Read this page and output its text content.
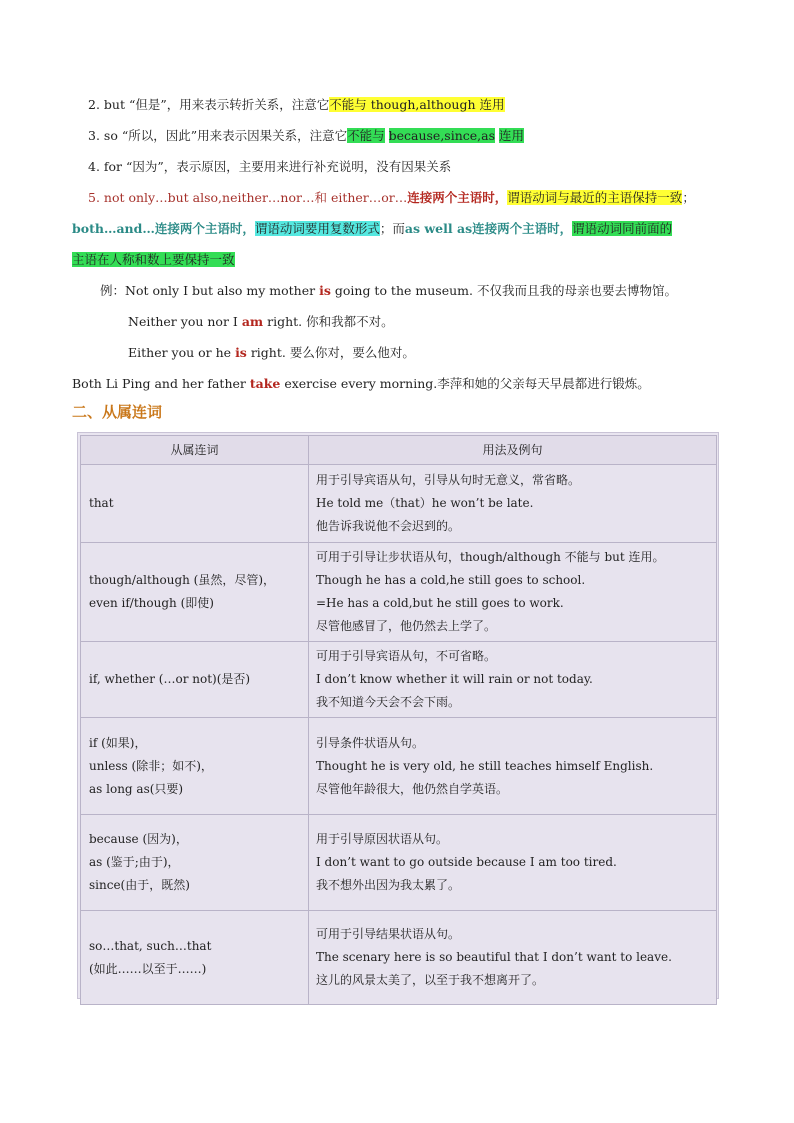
2. but “但是”，用来表示转折关系，注意它不能与 though,although 连用
3. so “所以，因此”用来表示因果关系，注意它不能与 because,since,as 连用
4. for “因为”，表示原因，主要用来进行补充说明，没有因果关系
5. not only…but also,neither…nor…和 either…or…连接两个主语时，谓语动词与最近的主语保持一致；
both…and…连接两个主语时，谓语动词要用复数形式；而as well as连接两个主语时，谓语动词同前面的
主语在人称和数上要保持一致
例：Not only I but also my mother is going to the museum. 不仅我而且我的母亲也要去博物馆。
Neither you nor I am right. 你和我都不对。
Either you or he is right. 要么你对，要么他对。
Both Li Ping and her father take exercise every morning.李萍和她的父亲每天早晨都进行锻炼。
二、从属连词
从属连词	用法及例句

that	用于引导宾语从句，引导从句时无意义，常省略。
He told me（that）he won’t be late.
他告诉我说他不会迟到的。

though/although (虽然，尽管)，
even if/though (即使)	可用于引导让步状语从句，though/although 不能与 but 连用。
Though he has a cold,he still goes to school.
=He has a cold,but he still goes to work.
尽管他感冒了，他仍然去上学了。

if, whether (…or not)(是否)	可用于引导宾语从句，不可省略。
I don’t know whether it will rain or not today.
我不知道今天会不会下雨。

if (如果)，
unless (除非；如不)，
as long as(只要)	引导条件状语从句。
Thought he is very old, he still teaches himself English.
尽管他年龄很大，他仍然自学英语。

because (因为)，
as (鉴于;由于)，
since(由于，既然)	用于引导原因状语从句。
I don’t want to go outside because I am too tired.
我不想外出因为我太累了。

so…that, such…that
(如此……以至于……)	可用于引导结果状语从句。
The scenary here is so beautiful that I don’t want to leave.
这儿的风景太美了，以至于我不想离开了。
